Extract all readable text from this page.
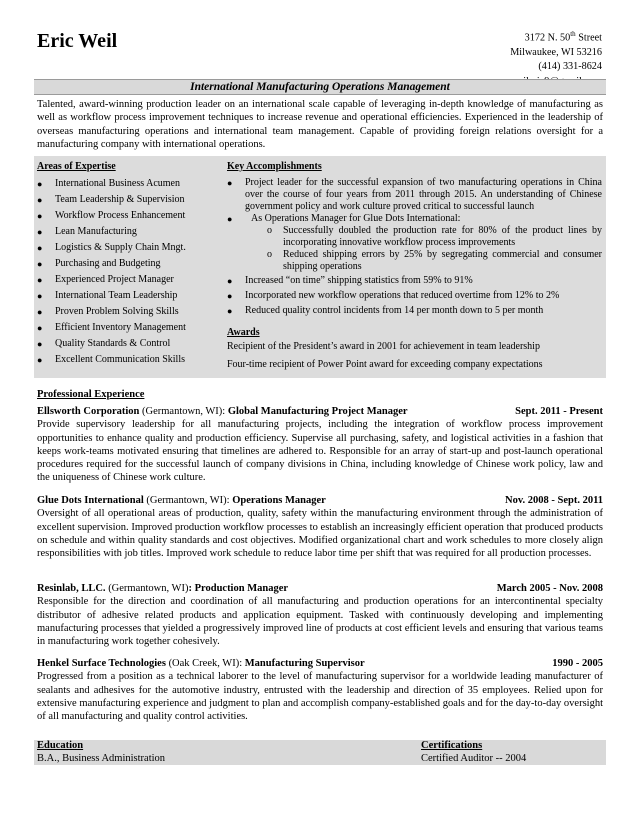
Eric Weil	3172 N. 50th Street
Milwaukee, WI 53216
(414) 331-8624
International Manufacturing Operations Management
Talented, award-winning production leader on an international scale capable of leveraging in-depth knowledge of manufacturing as well as workflow process improvement techniques to increase revenue and operational efficiencies. Experienced in the leadership of overseas manufacturing operations and international team management. Capable of providing foreign relations oversight for a manufacturing company with international operations.
Areas of Expertise
● International Business Acumen
● Team Leadership & Supervision
● Workflow Process Enhancement
● Lean Manufacturing
● Logistics & Supply Chain Mngt.
● Purchasing and Budgeting
● Experienced Project Manager
● International Team Leadership
● Proven Problem Solving Skills
● Efficient Inventory Management
● Quality Standards & Control
● Excellent Communication Skills
Key Accomplishments
● Project leader for the successful expansion of two manufacturing operations in China over the course of four years from 2011 through 2015. An understanding of Chinese government policy and work culture proved critical to successful launch
● As Operations Manager for Glue Dots International:
o Successfully doubled the production rate for 80% of the product lines by incorporating innovative workflow process improvements
o Reduced shipping errors by 25% by segregating commercial and consumer shipping operations
● Increased “on time” shipping statistics from 59% to 91%
● Incorporated new workflow operations that reduced overtime from 12% to 2%
● Reduced quality control incidents from 14 per month down to 5 per month
Awards
Recipient of the President’s award in 2001 for achievement in team leadership
Four-time recipient of Power Point award for exceeding company expectations
Professional Experience
Ellsworth Corporation (Germantown, WI): Global Manufacturing Project Manager	Sept. 2011 - Present
Provide supervisory leadership for all manufacturing projects, including the integration of workflow process improvement opportunities to enhance quality and production efficiency. Supervise all purchasing, safety, and logistical activities in a fashion that keeps work-teams motivated ensuring that timelines are adhered to. Responsible for an array of start-up and post-launch operational procedures required for the successful launch of company divisions in China, including knowledge of Chinese work policy, law and the uniqueness of Chinese work culture.
Glue Dots International (Germantown, WI): Operations Manager	Nov. 2008 - Sept. 2011
Oversight of all operational areas of production, quality, safety within the manufacturing environment through the administration of excellent supervision. Improved production workflow processes to establish an increasingly efficient operation that produced products on schedule and within quality standards and cost objectives. Modified organizational chart and work schedules to more closely align responsibilities with job titles. Improved work schedule to reduce labor time per shift that was required for all production processes.
Resinlab, LLC. (Germantown, WI): Production Manager	March 2005 - Nov. 2008
Responsible for the direction and coordination of all manufacturing and production operations for an intercontinental specialty distributor of adhesive related products and application equipment. Tasked with continuously developing and implementing manufacturing processes that yielded a progressively improved line of products at cost efficient levels and ensuring that various teams in manufacturing work together cohesively.
Henkel Surface Technologies (Oak Creek, WI): Manufacturing Supervisor	1990 - 2005
Progressed from a position as a technical laborer to the level of manufacturing supervisor for a worldwide leading manufacturer of sealants and adhesives for the automotive industry, entrusted with the leadership and direction of 35 employees. Relied upon for extensive manufacturing experience and judgment to plan and accomplish company-established goals and for the day-to-day oversight of all manufacturing and quality control activities.
Education
B.A., Business Administration
Certifications
Certified Auditor -- 2004
